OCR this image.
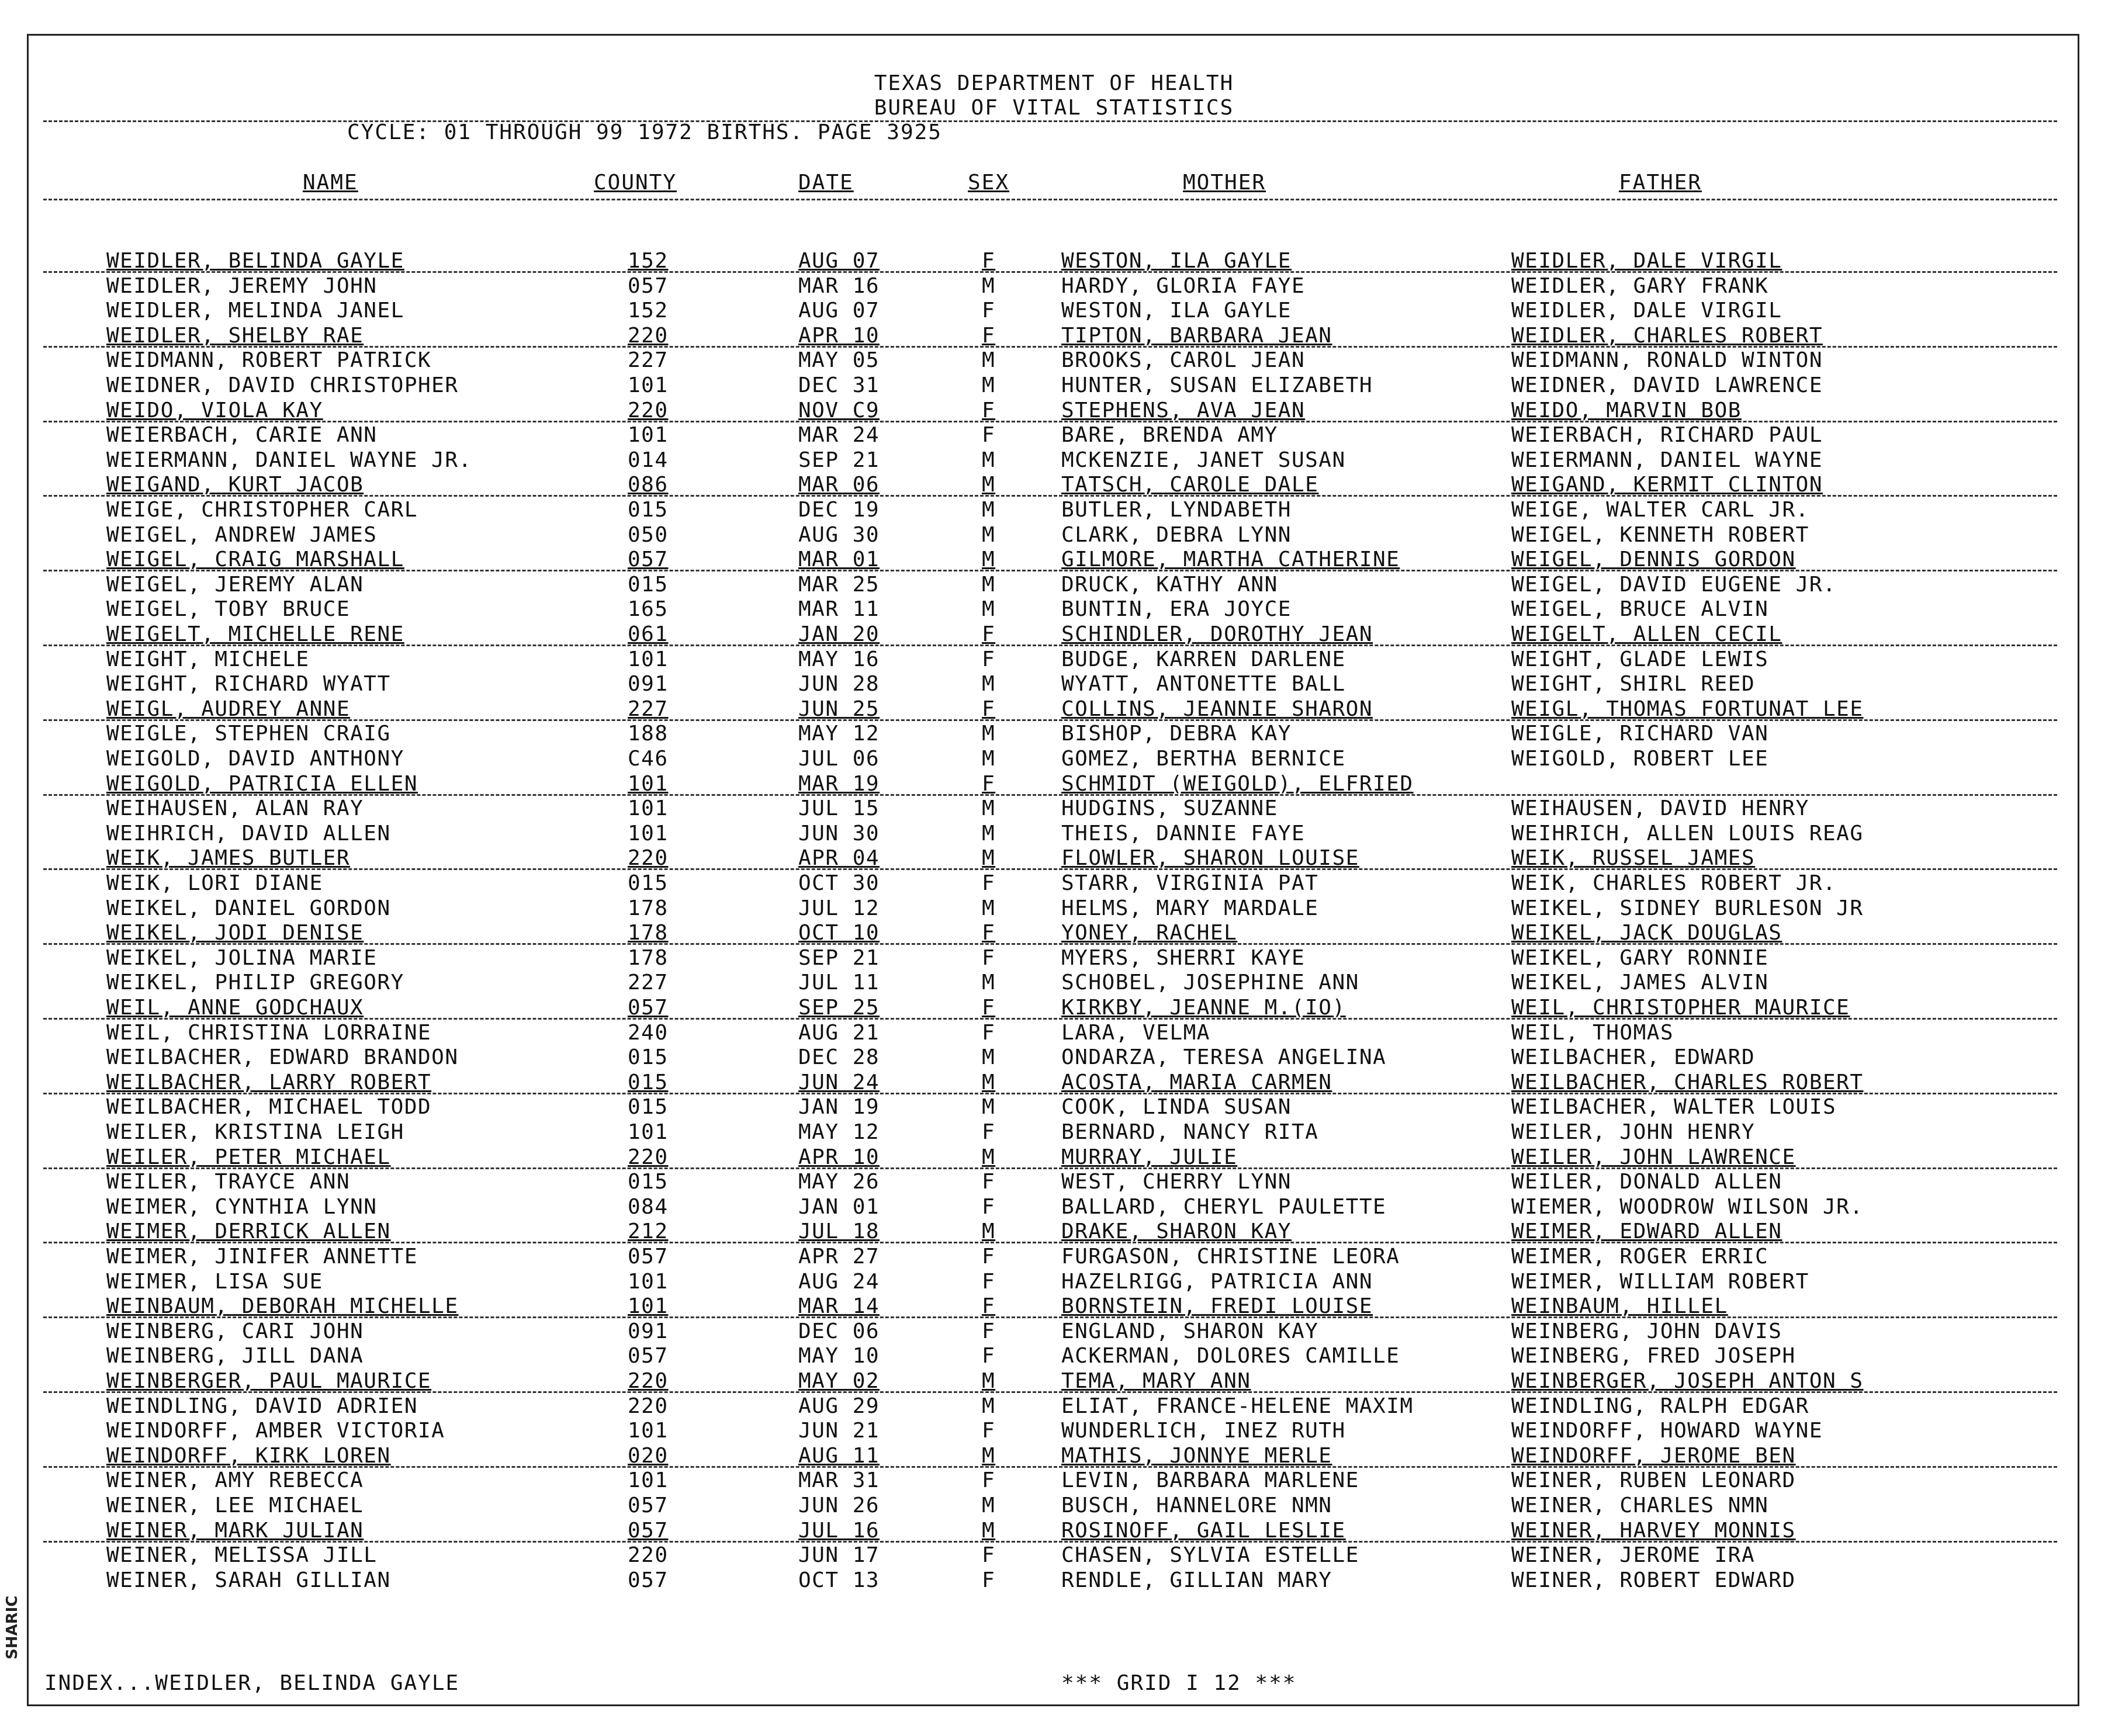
SHARIC
TEXAS DEPARTMENT OF HEALTH
BUREAU OF VITAL STATISTICS
CYCLE: 01 THROUGH 99 1972 BIRTHS. PAGE 3925
NAME	COUNTY	DATE	SEX	MOTHER	FATHER
WEIDLER, BELINDA GAYLE	152	AUG 07	F	WESTON, ILA GAYLE	WEIDLER, DALE VIRGIL
WEIDLER, JEREMY JOHN	057	MAR 16	M	HARDY, GLORIA FAYE	WEIDLER, GARY FRANK
WEIDLER, MELINDA JANEL	152	AUG 07	F	WESTON, ILA GAYLE	WEIDLER, DALE VIRGIL
WEIDLER, SHELBY RAE	220	APR 10	F	TIPTON, BARBARA JEAN	WEIDLER, CHARLES ROBERT
WEIDMANN, ROBERT PATRICK	227	MAY 05	M	BROOKS, CAROL JEAN	WEIDMANN, RONALD WINTON
WEIDNER, DAVID CHRISTOPHER	101	DEC 31	M	HUNTER, SUSAN ELIZABETH	WEIDNER, DAVID LAWRENCE
WEIDO, VIOLA KAY	220	NOV C9	F	STEPHENS, AVA JEAN	WEIDO, MARVIN BOB
WEIERBACH, CARIE ANN	101	MAR 24	F	BARE, BRENDA AMY	WEIERBACH, RICHARD PAUL
WEIERMANN, DANIEL WAYNE JR.	014	SEP 21	M	MCKENZIE, JANET SUSAN	WEIERMANN, DANIEL WAYNE
WEIGAND, KURT JACOB	086	MAR 06	M	TATSCH, CAROLE DALE	WEIGAND, KERMIT CLINTON
WEIGE, CHRISTOPHER CARL	015	DEC 19	M	BUTLER, LYNDABETH	WEIGE, WALTER CARL JR.
WEIGEL, ANDREW JAMES	050	AUG 30	M	CLARK, DEBRA LYNN	WEIGEL, KENNETH ROBERT
WEIGEL, CRAIG MARSHALL	057	MAR 01	M	GILMORE, MARTHA CATHERINE	WEIGEL, DENNIS GORDON
WEIGEL, JEREMY ALAN	015	MAR 25	M	DRUCK, KATHY ANN	WEIGEL, DAVID EUGENE JR.
WEIGEL, TOBY BRUCE	165	MAR 11	M	BUNTIN, ERA JOYCE	WEIGEL, BRUCE ALVIN
WEIGELT, MICHELLE RENE	061	JAN 20	F	SCHINDLER, DOROTHY JEAN	WEIGELT, ALLEN CECIL
WEIGHT, MICHELE	101	MAY 16	F	BUDGE, KARREN DARLENE	WEIGHT, GLADE LEWIS
WEIGHT, RICHARD WYATT	091	JUN 28	M	WYATT, ANTONETTE BALL	WEIGHT, SHIRL REED
WEIGL, AUDREY ANNE	227	JUN 25	F	COLLINS, JEANNIE SHARON	WEIGL, THOMAS FORTUNAT LEE
WEIGLE, STEPHEN CRAIG	188	MAY 12	M	BISHOP, DEBRA KAY	WEIGLE, RICHARD VAN
WEIGOLD, DAVID ANTHONY	C46	JUL 06	M	GOMEZ, BERTHA BERNICE	WEIGOLD, ROBERT LEE
WEIGOLD, PATRICIA ELLEN	101	MAR 19	F	SCHMIDT (WEIGOLD), ELFRIED
WEIHAUSEN, ALAN RAY	101	JUL 15	M	HUDGINS, SUZANNE	WEIHAUSEN, DAVID HENRY
WEIHRICH, DAVID ALLEN	101	JUN 30	M	THEIS, DANNIE FAYE	WEIHRICH, ALLEN LOUIS REAG
WEIK, JAMES BUTLER	220	APR 04	M	FLOWLER, SHARON LOUISE	WEIK, RUSSEL JAMES
WEIK, LORI DIANE	015	OCT 30	F	STARR, VIRGINIA PAT	WEIK, CHARLES ROBERT JR.
WEIKEL, DANIEL GORDON	178	JUL 12	M	HELMS, MARY MARDALE	WEIKEL, SIDNEY BURLESON JR
WEIKEL, JODI DENISE	178	OCT 10	F	YONEY, RACHEL	WEIKEL, JACK DOUGLAS
WEIKEL, JOLINA MARIE	178	SEP 21	F	MYERS, SHERRI KAYE	WEIKEL, GARY RONNIE
WEIKEL, PHILIP GREGORY	227	JUL 11	M	SCHOBEL, JOSEPHINE ANN	WEIKEL, JAMES ALVIN
WEIL, ANNE GODCHAUX	057	SEP 25	F	KIRKBY, JEANNE M.(IO)	WEIL, CHRISTOPHER MAURICE
WEIL, CHRISTINA LORRAINE	240	AUG 21	F	LARA, VELMA	WEIL, THOMAS
WEILBACHER, EDWARD BRANDON	015	DEC 28	M	ONDARZA, TERESA ANGELINA	WEILBACHER, EDWARD
WEILBACHER, LARRY ROBERT	015	JUN 24	M	ACOSTA, MARIA CARMEN	WEILBACHER, CHARLES ROBERT
WEILBACHER, MICHAEL TODD	015	JAN 19	M	COOK, LINDA SUSAN	WEILBACHER, WALTER LOUIS
WEILER, KRISTINA LEIGH	101	MAY 12	F	BERNARD, NANCY RITA	WEILER, JOHN HENRY
WEILER, PETER MICHAEL	220	APR 10	M	MURRAY, JULIE	WEILER, JOHN LAWRENCE
WEILER, TRAYCE ANN	015	MAY 26	F	WEST, CHERRY LYNN	WEILER, DONALD ALLEN
WEIMER, CYNTHIA LYNN	084	JAN 01	F	BALLARD, CHERYL PAULETTE	WIEMER, WOODROW WILSON JR.
WEIMER, DERRICK ALLEN	212	JUL 18	M	DRAKE, SHARON KAY	WEIMER, EDWARD ALLEN
WEIMER, JINIFER ANNETTE	057	APR 27	F	FURGASON, CHRISTINE LEORA	WEIMER, ROGER ERRIC
WEIMER, LISA SUE	101	AUG 24	F	HAZELRIGG, PATRICIA ANN	WEIMER, WILLIAM ROBERT
WEINBAUM, DEBORAH MICHELLE	101	MAR 14	F	BORNSTEIN, FREDI LOUISE	WEINBAUM, HILLEL
WEINBERG, CARI JOHN	091	DEC 06	F	ENGLAND, SHARON KAY	WEINBERG, JOHN DAVIS
WEINBERG, JILL DANA	057	MAY 10	F	ACKERMAN, DOLORES CAMILLE	WEINBERG, FRED JOSEPH
WEINBERGER, PAUL MAURICE	220	MAY 02	M	TEMA, MARY ANN	WEINBERGER, JOSEPH ANTON S
WEINDLING, DAVID ADRIEN	220	AUG 29	M	ELIAT, FRANCE-HELENE MAXIM	WEINDLING, RALPH EDGAR
WEINDORFF, AMBER VICTORIA	101	JUN 21	F	WUNDERLICH, INEZ RUTH	WEINDORFF, HOWARD WAYNE
WEINDORFF, KIRK LOREN	020	AUG 11	M	MATHIS, JONNYE MERLE	WEINDORFF, JEROME BEN
WEINER, AMY REBECCA	101	MAR 31	F	LEVIN, BARBARA MARLENE	WEINER, RUBEN LEONARD
WEINER, LEE MICHAEL	057	JUN 26	M	BUSCH, HANNELORE NMN	WEINER, CHARLES NMN
WEINER, MARK JULIAN	057	JUL 16	M	ROSINOFF, GAIL LESLIE	WEINER, HARVEY MONNIS
WEINER, MELISSA JILL	220	JUN 17	F	CHASEN, SYLVIA ESTELLE	WEINER, JEROME IRA
WEINER, SARAH GILLIAN	057	OCT 13	F	RENDLE, GILLIAN MARY	WEINER, ROBERT EDWARD
INDEX...WEIDLER, BELINDA GAYLE	*** GRID I 12 ***
